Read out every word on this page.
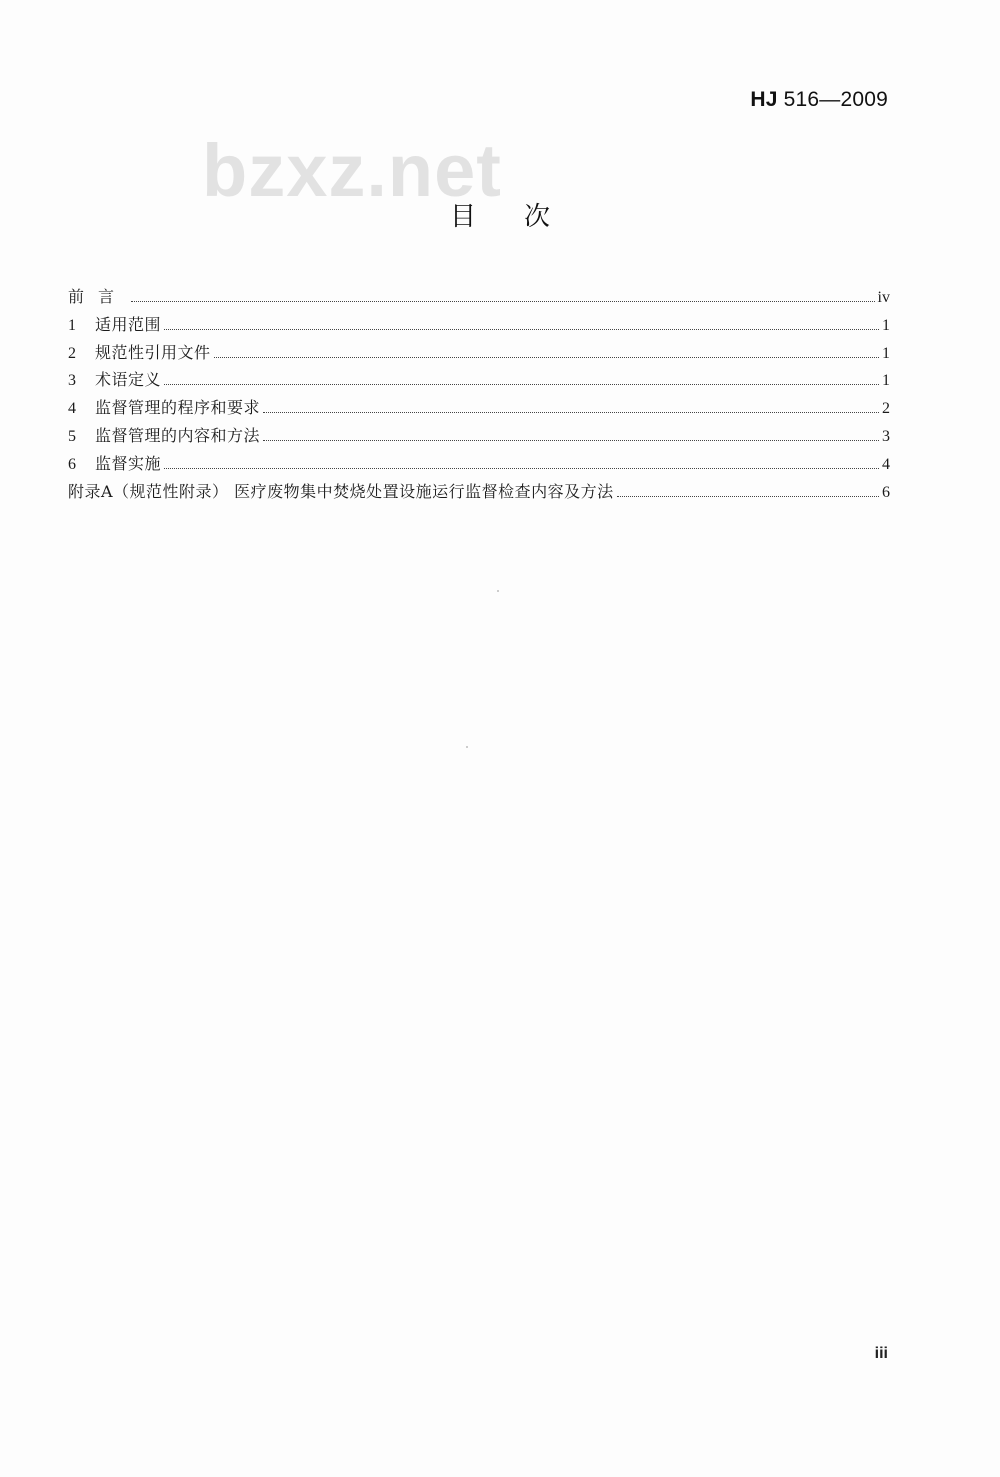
HJ 516—2009
bzxz.net
目次
前言	iv
1	适用范围	1
2	规范性引用文件	1
3	术语定义	1
4	监督管理的程序和要求	2
5	监督管理的内容和方法	3
6	监督实施	4
附录A（规范性附录） 医疗废物集中焚烧处置设施运行监督检查内容及方法	6
iii
